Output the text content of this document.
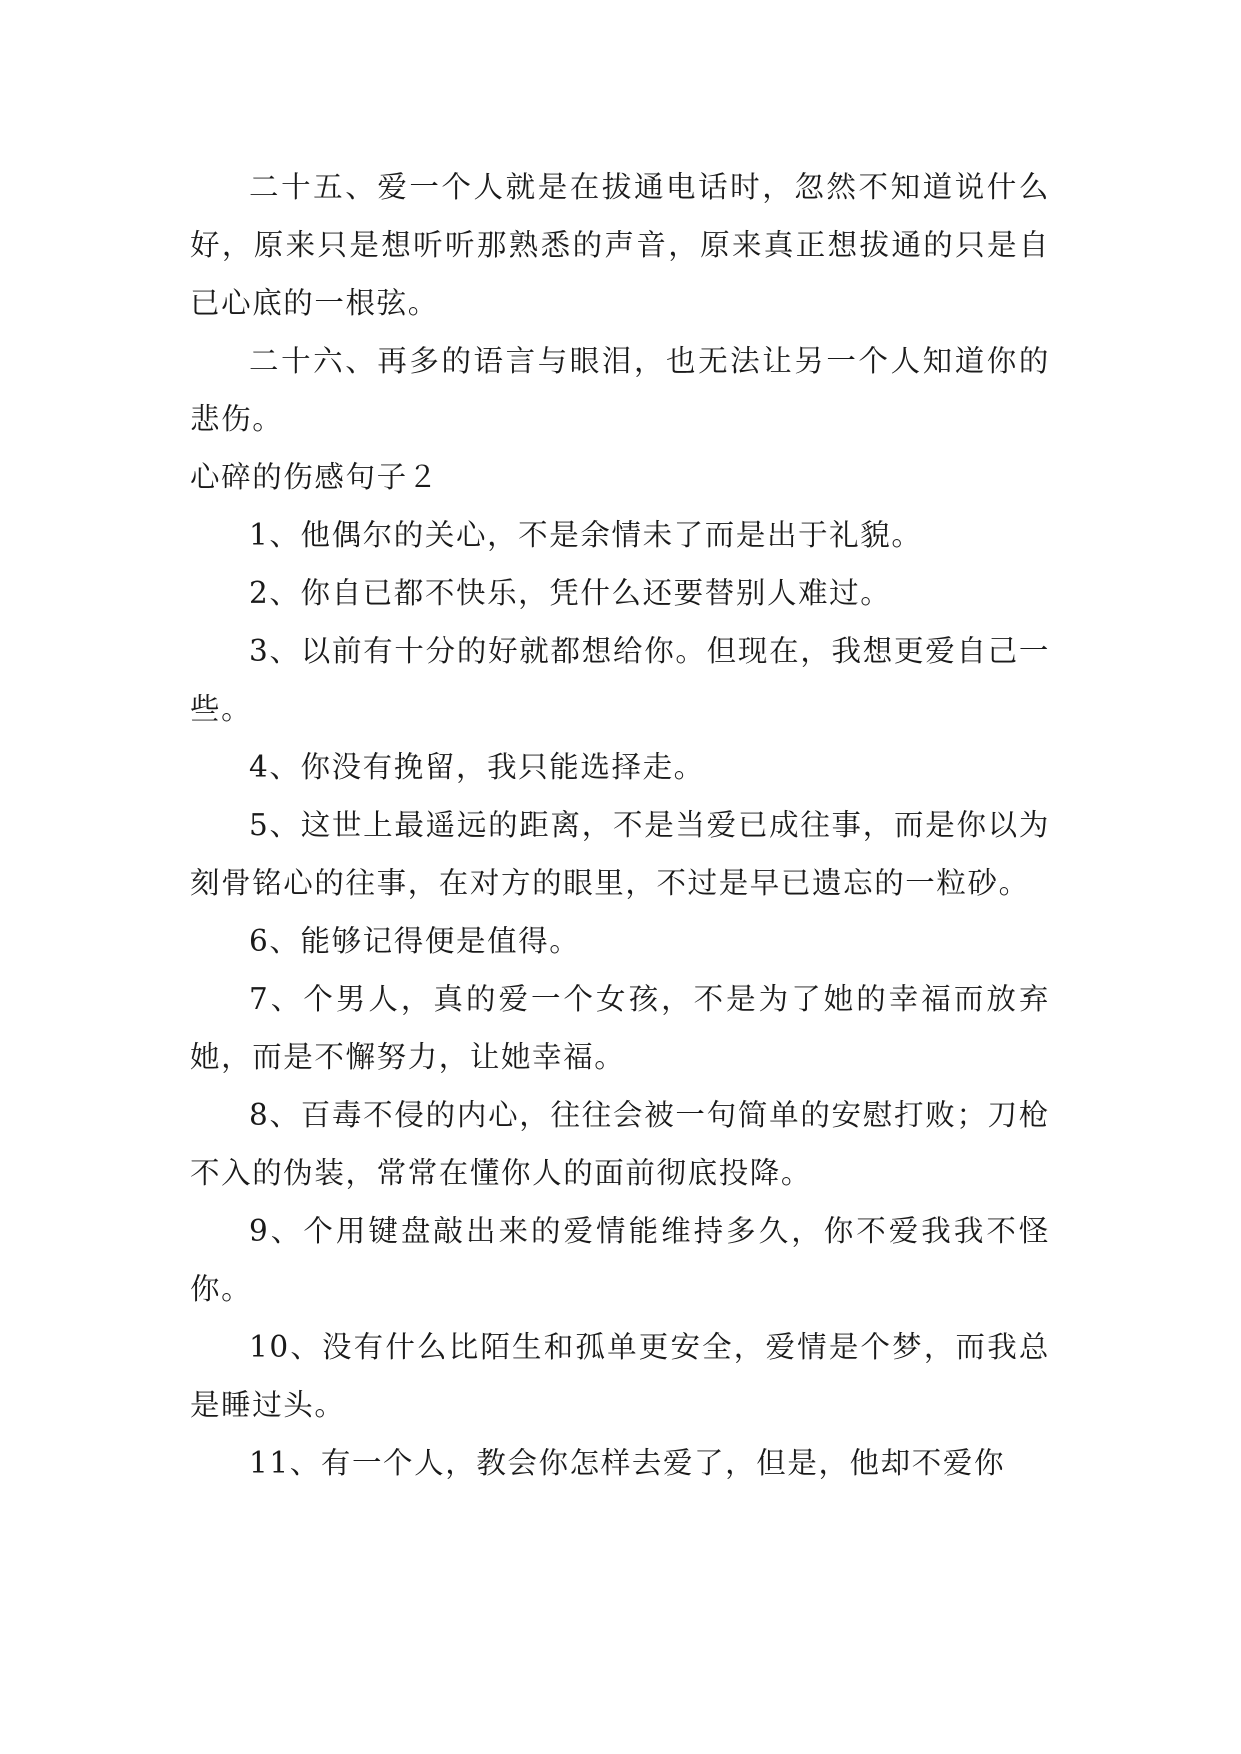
二十五、爱一个人就是在拔通电话时，忽然不知道说什么好，原来只是想听听那熟悉的声音，原来真正想拔通的只是自已心底的一根弦。

二十六、再多的语言与眼泪，也无法让另一个人知道你的悲伤。

心碎的伤感句子２

1、他偶尔的关心，不是余情未了而是出于礼貌。

2、你自已都不快乐，凭什么还要替别人难过。

3、以前有十分的好就都想给你。但现在，我想更爱自己一些。

4、你没有挽留，我只能选择走。

5、这世上最遥远的距离，不是当爱已成往事，而是你以为刻骨铭心的往事，在对方的眼里，不过是早已遗忘的一粒砂。

6、能够记得便是值得。

7、个男人，真的爱一个女孩，不是为了她的幸福而放弃她，而是不懈努力，让她幸福。

8、百毒不侵的内心，往往会被一句简单的安慰打败；刀枪不入的伪装，常常在懂你人的面前彻底投降。

9、个用键盘敲出来的爱情能维持多久，你不爱我我不怪你。

10、没有什么比陌生和孤单更安全，爱情是个梦，而我总是睡过头。

11、有一个人，教会你怎样去爱了，但是，他却不爱你
